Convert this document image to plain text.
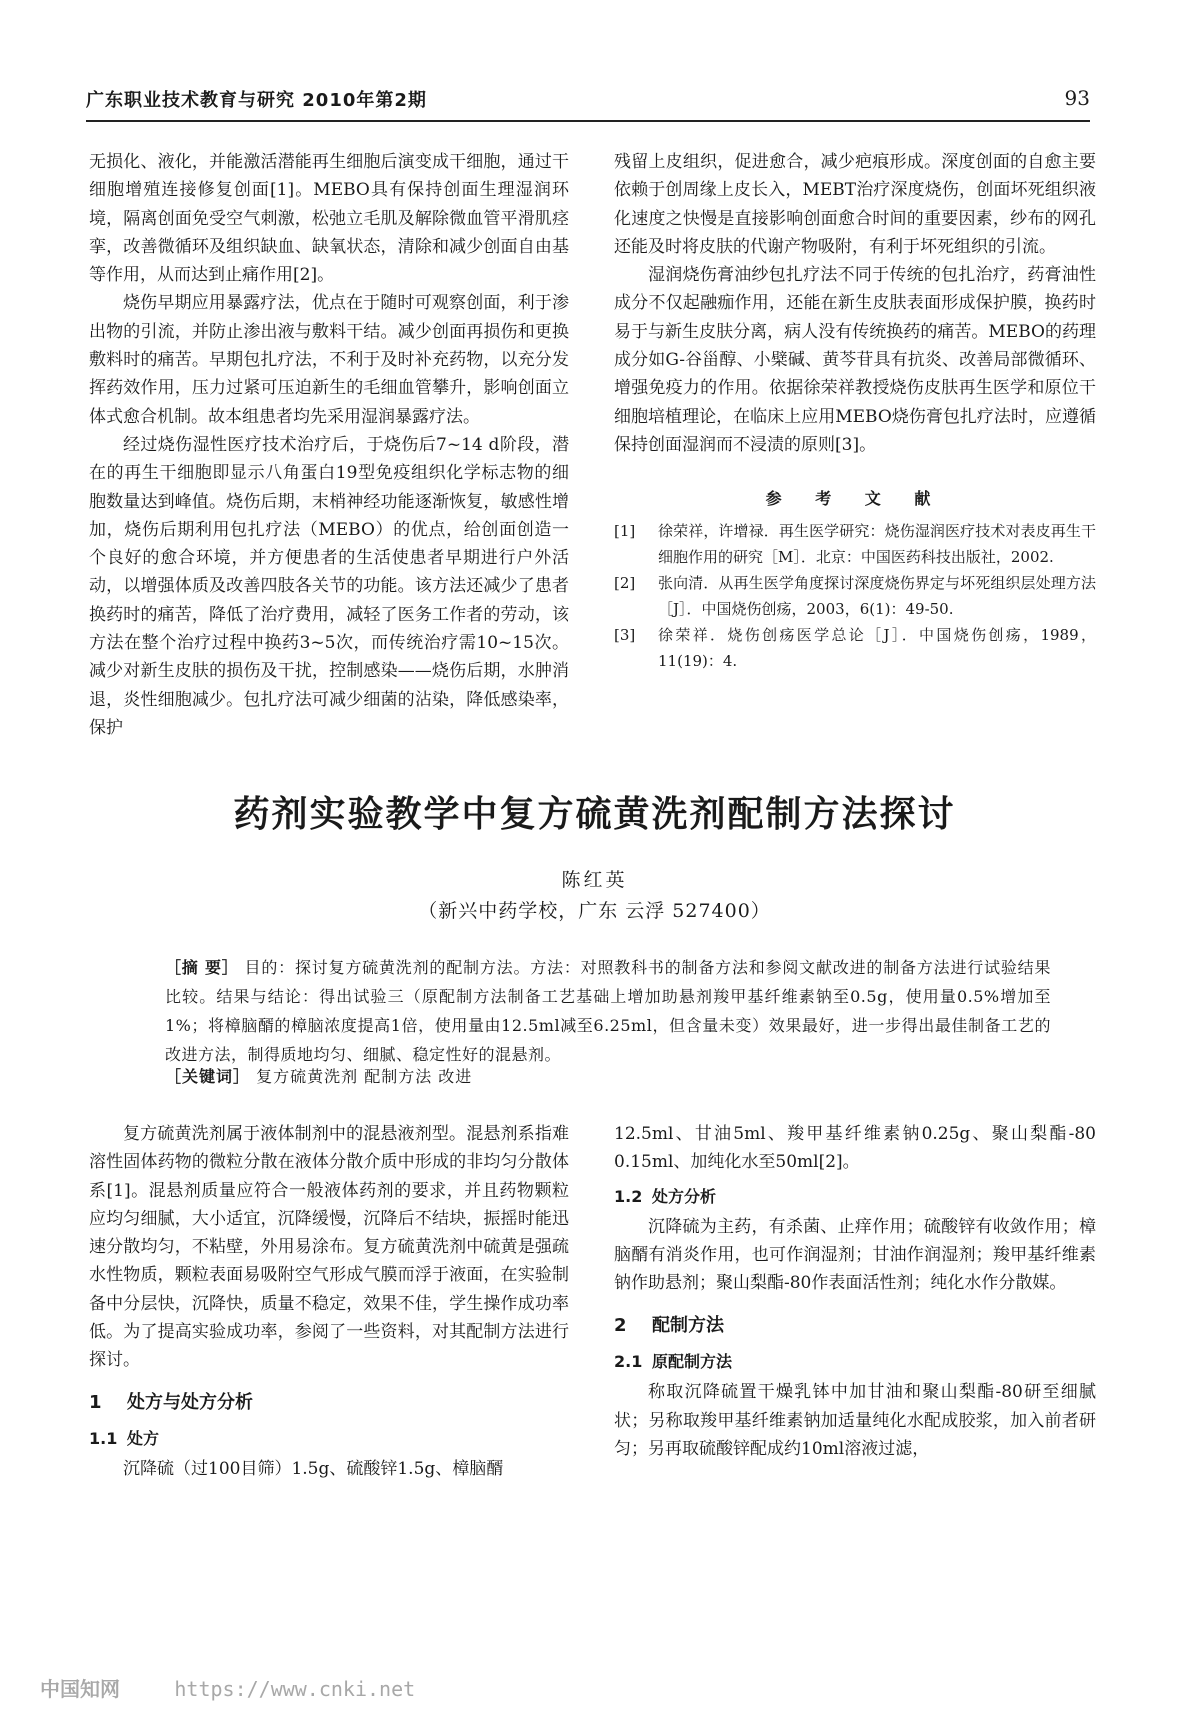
广东职业技术教育与研究 2010年第2期	93

无损化、液化，并能激活潜能再生细胞后演变成干细胞，通过干细胞增殖连接修复创面[1]。MEBO具有保持创面生理湿润环境，隔离创面免受空气刺激，松弛立毛肌及解除微血管平滑肌痉挛，改善微循环及组织缺血、缺氧状态，清除和减少创面自由基等作用，从而达到止痛作用[2]。

烧伤早期应用暴露疗法，优点在于随时可观察创面，利于渗出物的引流，并防止渗出液与敷料干结。减少创面再损伤和更换敷料时的痛苦。早期包扎疗法，不利于及时补充药物，以充分发挥药效作用，压力过紧可压迫新生的毛细血管攀升，影响创面立体式愈合机制。故本组患者均先采用湿润暴露疗法。

经过烧伤湿性医疗技术治疗后，于烧伤后7~14 d阶段，潜在的再生干细胞即显示八角蛋白19型免疫组织化学标志物的细胞数量达到峰值。烧伤后期，末梢神经功能逐渐恢复，敏感性增加，烧伤后期利用包扎疗法（MEBO）的优点，给创面创造一个良好的愈合环境，并方便患者的生活使患者早期进行户外活动，以增强体质及改善四肢各关节的功能。该方法还减少了患者换药时的痛苦，降低了治疗费用，减轻了医务工作者的劳动，该方法在整个治疗过程中换药3~5次，而传统治疗需10~15次。减少对新生皮肤的损伤及干扰，控制感染——烧伤后期，水肿消退，炎性细胞减少。包扎疗法可减少细菌的沾染，降低感染率，保护

残留上皮组织，促进愈合，减少疤痕形成。深度创面的自愈主要依赖于创周缘上皮长入，MEBT治疗深度烧伤，创面坏死组织液化速度之快慢是直接影响创面愈合时间的重要因素，纱布的网孔还能及时将皮肤的代谢产物吸附，有利于坏死组织的引流。

湿润烧伤膏油纱包扎疗法不同于传统的包扎治疗，药膏油性成分不仅起融痂作用，还能在新生皮肤表面形成保护膜，换药时易于与新生皮肤分离，病人没有传统换药的痛苦。MEBO的药理成分如G-谷甾醇、小檗碱、黄芩苷具有抗炎、改善局部微循环、增强免疫力的作用。依据徐荣祥教授烧伤皮肤再生医学和原位干细胞培植理论，在临床上应用MEBO烧伤膏包扎疗法时，应遵循保持创面湿润而不浸渍的原则[3]。

参 考 文 献
[1]	徐荣祥，许增禄．再生医学研究：烧伤湿润医疗技术对表皮再生干细胞作用的研究［M］．北京：中国医药科技出版社，2002.
[2]	张向清．从再生医学角度探讨深度烧伤界定与坏死组织层处理方法［J］．中国烧伤创疡，2003，6(1)：49-50.
[3]	徐荣祥．烧伤创疡医学总论［J］．中国烧伤创疡，1989，11(19)：4.
药剂实验教学中复方硫黄洗剂配制方法探讨
陈红英
（新兴中药学校，广东 云浮 527400）
［摘 要］ 目的：探讨复方硫黄洗剂的配制方法。方法：对照教科书的制备方法和参阅文献改进的制备方法进行试验结果比较。结果与结论：得出试验三（原配制方法制备工艺基础上增加助悬剂羧甲基纤维素钠至0.5g，使用量0.5%增加至1%；将樟脑醑的樟脑浓度提高1倍，使用量由12.5ml减至6.25ml，但含量未变）效果最好，进一步得出最佳制备工艺的改进方法，制得质地均匀、细腻、稳定性好的混悬剂。
［关键词］ 复方硫黄洗剂 配制方法 改进

复方硫黄洗剂属于液体制剂中的混悬液剂型。混悬剂系指难溶性固体药物的微粒分散在液体分散介质中形成的非均匀分散体系[1]。混悬剂质量应符合一般液体药剂的要求，并且药物颗粒应均匀细腻，大小适宜，沉降缓慢，沉降后不结块，振摇时能迅速分散均匀，不粘壁，外用易涂布。复方硫黄洗剂中硫黄是强疏水性物质，颗粒表面易吸附空气形成气膜而浮于液面，在实验制备中分层快，沉降快，质量不稳定，效果不佳，学生操作成功率低。为了提高实验成功率，参阅了一些资料，对其配制方法进行探讨。

1 处方与处方分析
1.1 处方

沉降硫（过100目筛）1.5g、硫酸锌1.5g、樟脑醑

12.5ml、甘油5ml、羧甲基纤维素钠0.25g、聚山梨酯-80 0.15ml、加纯化水至50ml[2]。

1.2 处方分析

沉降硫为主药，有杀菌、止痒作用；硫酸锌有收敛作用；樟脑醑有消炎作用，也可作润湿剂；甘油作润湿剂；羧甲基纤维素钠作助悬剂；聚山梨酯-80作表面活性剂；纯化水作分散媒。

2 配制方法
2.1 原配制方法

称取沉降硫置干燥乳钵中加甘油和聚山梨酯-80研至细腻状；另称取羧甲基纤维素钠加适量纯化水配成胶浆，加入前者研匀；另再取硫酸锌配成约10ml溶液过滤，

中国知网	https://www.cnki.net
